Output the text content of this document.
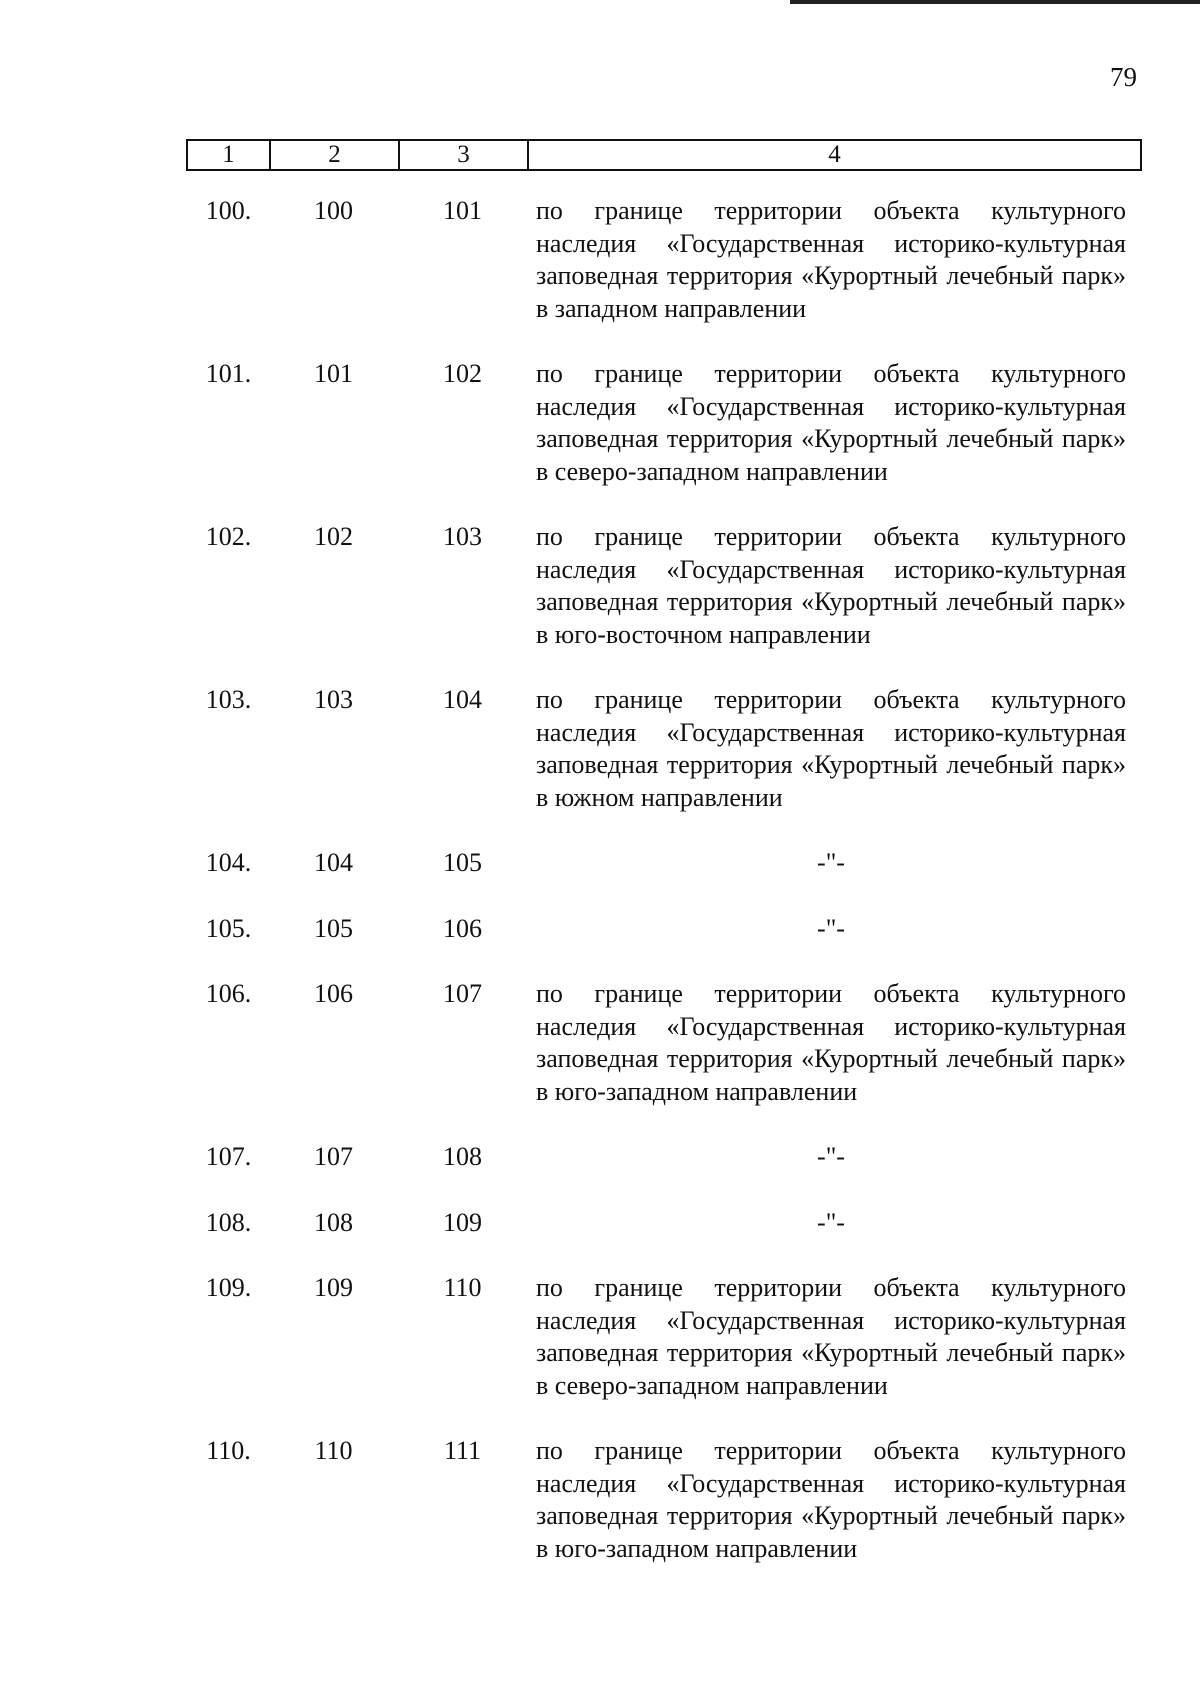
79
1	2	3	4
100.	100	101	по границе территории объекта культурного наследия «Государственная историко-культурная заповедная территория «Курортный лечебный парк» в западном направлении
101.	101	102	по границе территории объекта культурного наследия «Государственная историко-культурная заповедная территория «Курортный лечебный парк» в северо-западном направлении
102.	102	103	по границе территории объекта культурного наследия «Государственная историко-культурная заповедная территория «Курортный лечебный парк» в юго-восточном направлении
103.	103	104	по границе территории объекта культурного наследия «Государственная историко-культурная заповедная территория «Курортный лечебный парк» в южном направлении
104.	104	105	-"-
105.	105	106	-"-
106.	106	107	по границе территории объекта культурного наследия «Государственная историко-культурная заповедная территория «Курортный лечебный парк» в юго-западном направлении
107.	107	108	-"-
108.	108	109	-"-
109.	109	110	по границе территории объекта культурного наследия «Государственная историко-культурная заповедная территория «Курортный лечебный парк» в северо-западном направлении
110.	110	111	по границе территории объекта культурного наследия «Государственная историко-культурная заповедная территория «Курортный лечебный парк» в юго-западном направлении
